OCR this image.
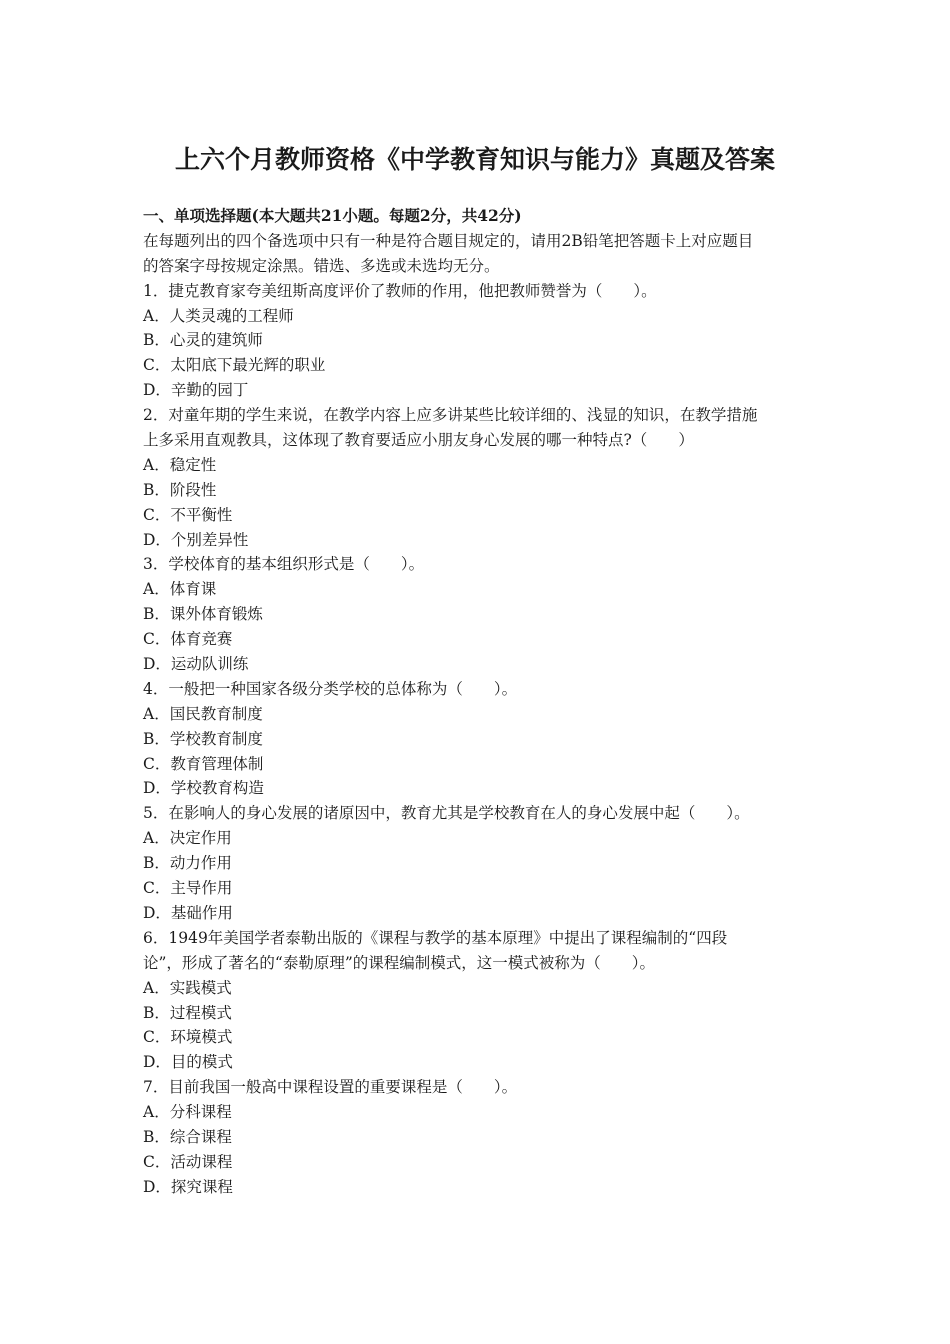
上六个月教师资格《中学教育知识与能力》真题及答案
一、单项选择题(本大题共21小题。每题2分，共42分)
在每题列出的四个备选项中只有一种是符合题目规定的，请用2B铅笔把答题卡上对应题目
的答案字母按规定涂黑。错选、多选或未选均无分。
1．捷克教育家夸美纽斯高度评价了教师的作用，他把教师赞誉为（　　）。
A．人类灵魂的工程师
B．心灵的建筑师
C．太阳底下最光辉的职业
D．辛勤的园丁
2．对童年期的学生来说，在教学内容上应多讲某些比较详细的、浅显的知识，在教学措施
上多采用直观教具，这体现了教育要适应小朋友身心发展的哪一种特点?（　　）
A．稳定性
B．阶段性
C．不平衡性
D．个别差异性
3．学校体育的基本组织形式是（　　）。
A．体育课
B．课外体育锻炼
C．体育竞赛
D．运动队训练
4．一般把一种国家各级分类学校的总体称为（　　）。
A．国民教育制度
B．学校教育制度
C．教育管理体制
D．学校教育构造
5．在影响人的身心发展的诸原因中，教育尤其是学校教育在人的身心发展中起（　　）。
A．决定作用
B．动力作用
C．主导作用
D．基础作用
6．1949年美国学者泰勒出版的《课程与教学的基本原理》中提出了课程编制的“四段
论”，形成了著名的“泰勒原理”的课程编制模式，这一模式被称为（　　）。
A．实践模式
B．过程模式
C．环境模式
D．目的模式
7．目前我国一般高中课程设置的重要课程是（　　）。
A．分科课程
B．综合课程
C．活动课程
D．探究课程
